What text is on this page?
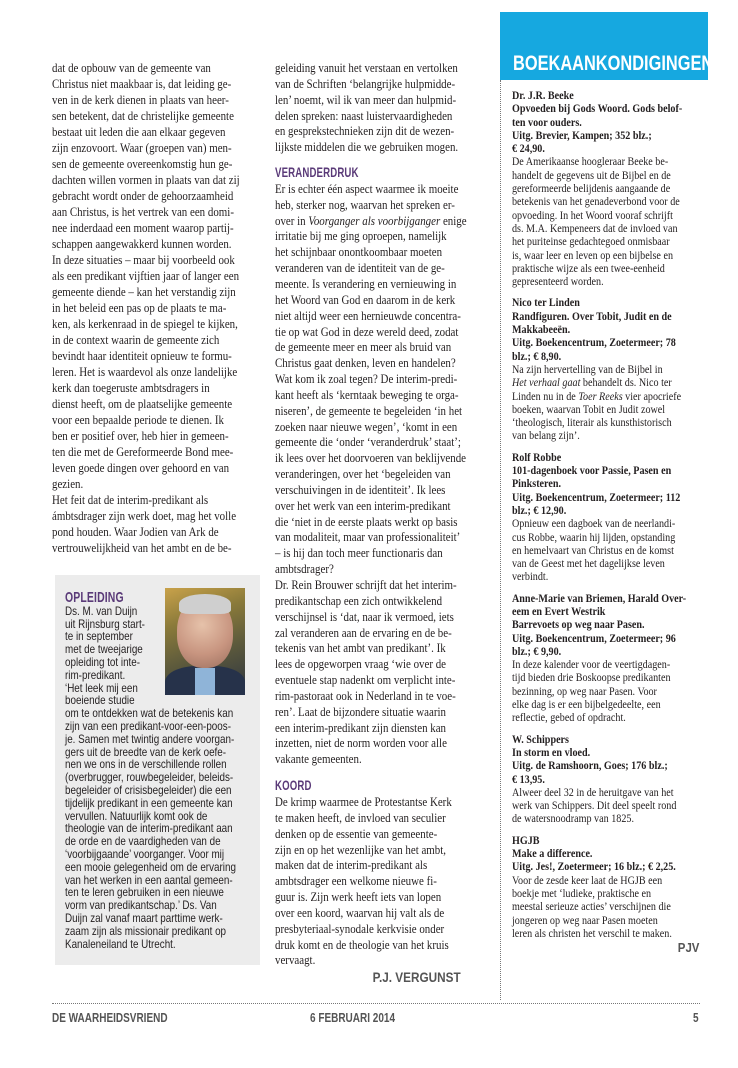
dat de opbouw van de gemeente van
Christus niet maakbaar is, dat leiding ge-
ven in de kerk dienen in plaats van heer-
sen betekent, dat de christelijke gemeente
bestaat uit leden die aan elkaar gegeven
zijn enzovoort. Waar (groepen van) men-
sen de gemeente overeenkomstig hun ge-
dachten willen vormen in plaats van dat zij
gebracht wordt onder de gehoorzaamheid
aan Christus, is het vertrek van een domi-
nee inderdaad een moment waarop partij-
schappen aangewakkerd kunnen worden.
In deze situaties – maar bij voorbeeld ook
als een predikant vijftien jaar of langer een
gemeente diende – kan het verstandig zijn
in het beleid een pas op de plaats te ma-
ken, als kerkenraad in de spiegel te kijken,
in de context waarin de gemeente zich
bevindt haar identiteit opnieuw te formu-
leren. Het is waardevol als onze landelijke
kerk dan toegeruste ambtsdragers in
dienst heeft, om de plaatselijke gemeente
voor een bepaalde periode te dienen. Ik
ben er positief over, heb hier in gemeen-
ten die met de Gereformeerde Bond mee-
leven goede dingen over gehoord en van
gezien.

Het feit dat de interim-predikant als
ámbtsdrager zijn werk doet, mag het volle
pond houden. Waar Jodien van Ark de
vertrouwelijkheid van het ambt en de be-

geleiding vanuit het verstaan en vertolken
van de Schriften ‘belangrijke hulpmidde-
len’ noemt, wil ik van meer dan hulpmid-
delen spreken: naast luistervaardigheden
en gesprekstechnieken zijn dit de wezen-
lijkste middelen die we gebruiken mogen.

VERANDERDRUK

Er is echter één aspect waarmee ik moeite
heb, sterker nog, waarvan het spreken er-
over in Voorganger als voorbijganger enige
irritatie bij me ging oproepen, namelijk
het schijnbaar onontkoombaar moeten
veranderen van de identiteit van de ge-
meente. Is verandering en vernieuwing in
het Woord van God en daarom in de kerk
niet altijd weer een hernieuwde concentra-
tie op wat God in deze wereld deed, zodat
de gemeente meer en meer als bruid van
Christus gaat denken, leven en handelen?
Wat kom ik zoal tegen? De interim-predi-
kant heeft als ‘kerntaak beweging te orga-
niseren’, de gemeente te begeleiden ‘in het
zoeken naar nieuwe wegen’, ‘komt in een
gemeente die ‘onder ‘veranderdruk’ staat’;
ik lees over het doorvoeren van beklijvende
veranderingen, over het ‘begeleiden van
verschuivingen in de identiteit’. Ik lees
over het werk van een interim-predikant
die ‘niet in de eerste plaats werkt op basis
van modaliteit, maar van professionaliteit’
– is hij dan toch meer functionaris dan
ambtsdrager?

Dr. Rein Brouwer schrijft dat het interim-
predikantschap een zich ontwikkelend
verschijnsel is ‘dat, naar ik vermoed, iets
zal veranderen aan de ervaring en de be-
tekenis van het ambt van predikant’. Ik
lees de opgeworpen vraag ‘wie over de
eventuele stap nadenkt om verplicht inte-
rim-pastoraat ook in Nederland in te voe-
ren’. Laat de bijzondere situatie waarin
een interim-predikant zijn diensten kan
inzetten, niet de norm worden voor alle
vakante gemeenten.

KOORD

De krimp waarmee de Protestantse Kerk
te maken heeft, de invloed van seculier
denken op de essentie van gemeente-
zijn en op het wezenlijke van het ambt,
maken dat de interim-predikant als
ambtsdrager een welkome nieuwe fi-
guur is. Zijn werk heeft iets van lopen
over een koord, waarvan hij valt als de
presbyteriaal-synodale kerkvisie onder
druk komt en de theologie van het kruis
vervaagt.

P.J. VERGUNST
OPLEIDING

Ds. M. van Duijn
uit Rijnsburg start-
te in september
met de tweejarige
opleiding tot inte-
rim-predikant.
‘Het leek mij een
boeiende studie
om te ontdekken wat de betekenis kan
zijn van een predikant-voor-een-poos-
je. Samen met twintig andere voorgan-
gers uit de breedte van de kerk oefe-
nen we ons in de verschillende rollen
(overbrugger, rouwbegeleider, beleids-
begeleider of crisisbegeleider) die een
tijdelijk predikant in een gemeente kan
vervullen. Natuurlijk komt ook de
theologie van de interim-predikant aan
de orde en de vaardigheden van de
‘voorbijgaande’ voorganger. Voor mij
een mooie gelegenheid om de ervaring
van het werken in een aantal gemeen-
ten te leren gebruiken in een nieuwe
vorm van predikantschap.’ Ds. Van
Duijn zal vanaf maart parttime werk-
zaam zijn als missionair predikant op
Kanaleneiland te Utrecht.

BOEKAANKONDIGINGEN

Dr. J.R. Beeke

Opvoeden bij Gods Woord. Gods belof-
ten voor ouders.

Uitg. Brevier, Kampen; 352 blz.;
€ 24,90.

De Amerikaanse hoogleraar Beeke be-
handelt de gegevens uit de Bijbel en de
gereformeerde belijdenis aangaande de
betekenis van het genadeverbond voor de
opvoeding. In het Woord vooraf schrijft
ds. M.A. Kempeneers dat de invloed van
het puriteinse gedachtegoed onmisbaar
is, waar leer en leven op een bijbelse en
praktische wijze als een twee-eenheid
gepresenteerd worden.

Nico ter Linden

Randfiguren. Over Tobit, Judit en de
Makkabeeën.

Uitg. Boekencentrum, Zoetermeer; 78
blz.; € 8,90.

Na zijn hervertelling van de Bijbel in
Het verhaal gaat behandelt ds. Nico ter
Linden nu in de Toer Reeks vier apocriefe
boeken, waarvan Tobit en Judit zowel
‘theologisch, literair als kunsthistorisch
van belang zijn’.

Rolf Robbe

101-dagenboek voor Passie, Pasen en
Pinksteren.

Uitg. Boekencentrum, Zoetermeer; 112
blz.; € 12,90.

Opnieuw een dagboek van de neerlandi-
cus Robbe, waarin hij lijden, opstanding
en hemelvaart van Christus en de komst
van de Geest met het dagelijkse leven
verbindt.

Anne-Marie van Briemen, Harald Over-
eem en Evert Westrik

Barrevoets op weg naar Pasen.

Uitg. Boekencentrum, Zoetermeer; 96
blz.; € 9,90.

In deze kalender voor de veertigdagen-
tijd bieden drie Boskoopse predikanten
bezinning, op weg naar Pasen. Voor
elke dag is er een bijbelgedeelte, een
reflectie, gebed of opdracht.

W. Schippers

In storm en vloed.

Uitg. de Ramshoorn, Goes; 176 blz.;
€ 13,95.

Alweer deel 32 in de heruitgave van het
werk van Schippers. Dit deel speelt rond
de watersnoodramp van 1825.

HGJB

Make a difference.

Uitg. Jes!, Zoetermeer; 16 blz.; € 2,25.

Voor de zesde keer laat de HGJB een
boekje met ‘ludieke, praktische en
meestal serieuze acties’ verschijnen die
jongeren op weg naar Pasen moeten
leren als christen het verschil te maken.

PJV
DE WAARHEIDSVRIEND	6 FEBRUARI 2014	5
